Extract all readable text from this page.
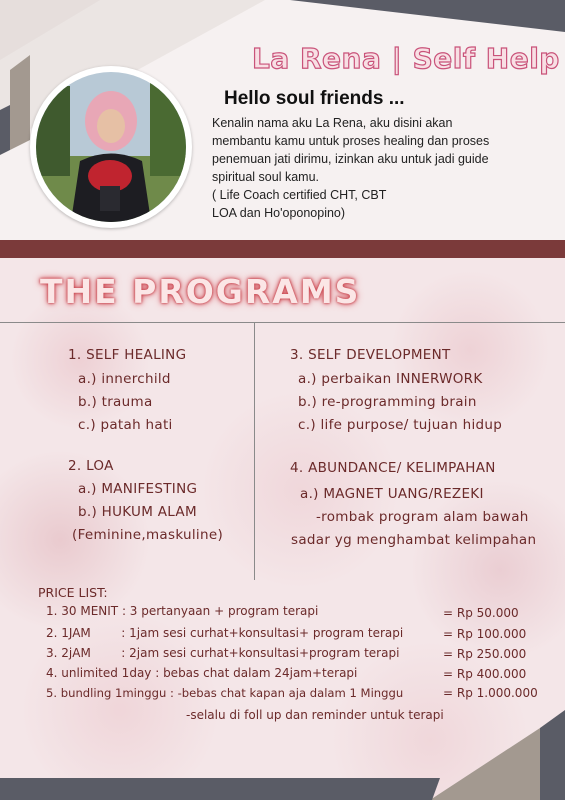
La Rena | Self Help
Hello soul friends ...
Kenalin nama aku La Rena, aku disini akan
membantu kamu untuk proses healing dan proses
penemuan jati dirimu, izinkan aku untuk jadi guide
spiritual soul kamu.
( Life Coach certified CHT, CBT
LOA dan Ho'oponopino)
THE PROGRAMS
1. SELF HEALING
a.) innerchild
b.) trauma
c.) patah hati
2. LOA
a.) MANIFESTING
b.) HUKUM ALAM
(Feminine,maskuline)
3. SELF DEVELOPMENT
a.) perbaikan INNERWORK
b.) re-programming brain
c.) life purpose/ tujuan hidup
4. ABUNDANCE/ KELIMPAHAN
a.) MAGNET UANG/REZEKI
-rombak program alam bawah
sadar yg menghambat kelimpahan
PRICE LIST:
1. 30 MENIT : 3 pertanyaan + program terapi	= Rp 50.000
2. 1JAM        : 1jam sesi curhat+konsultasi+ program terapi	= Rp 100.000
3. 2jAM        : 2jam sesi curhat+konsultasi+program terapi	= Rp 250.000
4. unlimited 1day : bebas chat dalam 24jam+terapi	= Rp 400.000
5. bundling 1minggu : -bebas chat kapan aja dalam 1 Minggu	= Rp 1.000.000
-selalu di foll up dan reminder untuk terapi
